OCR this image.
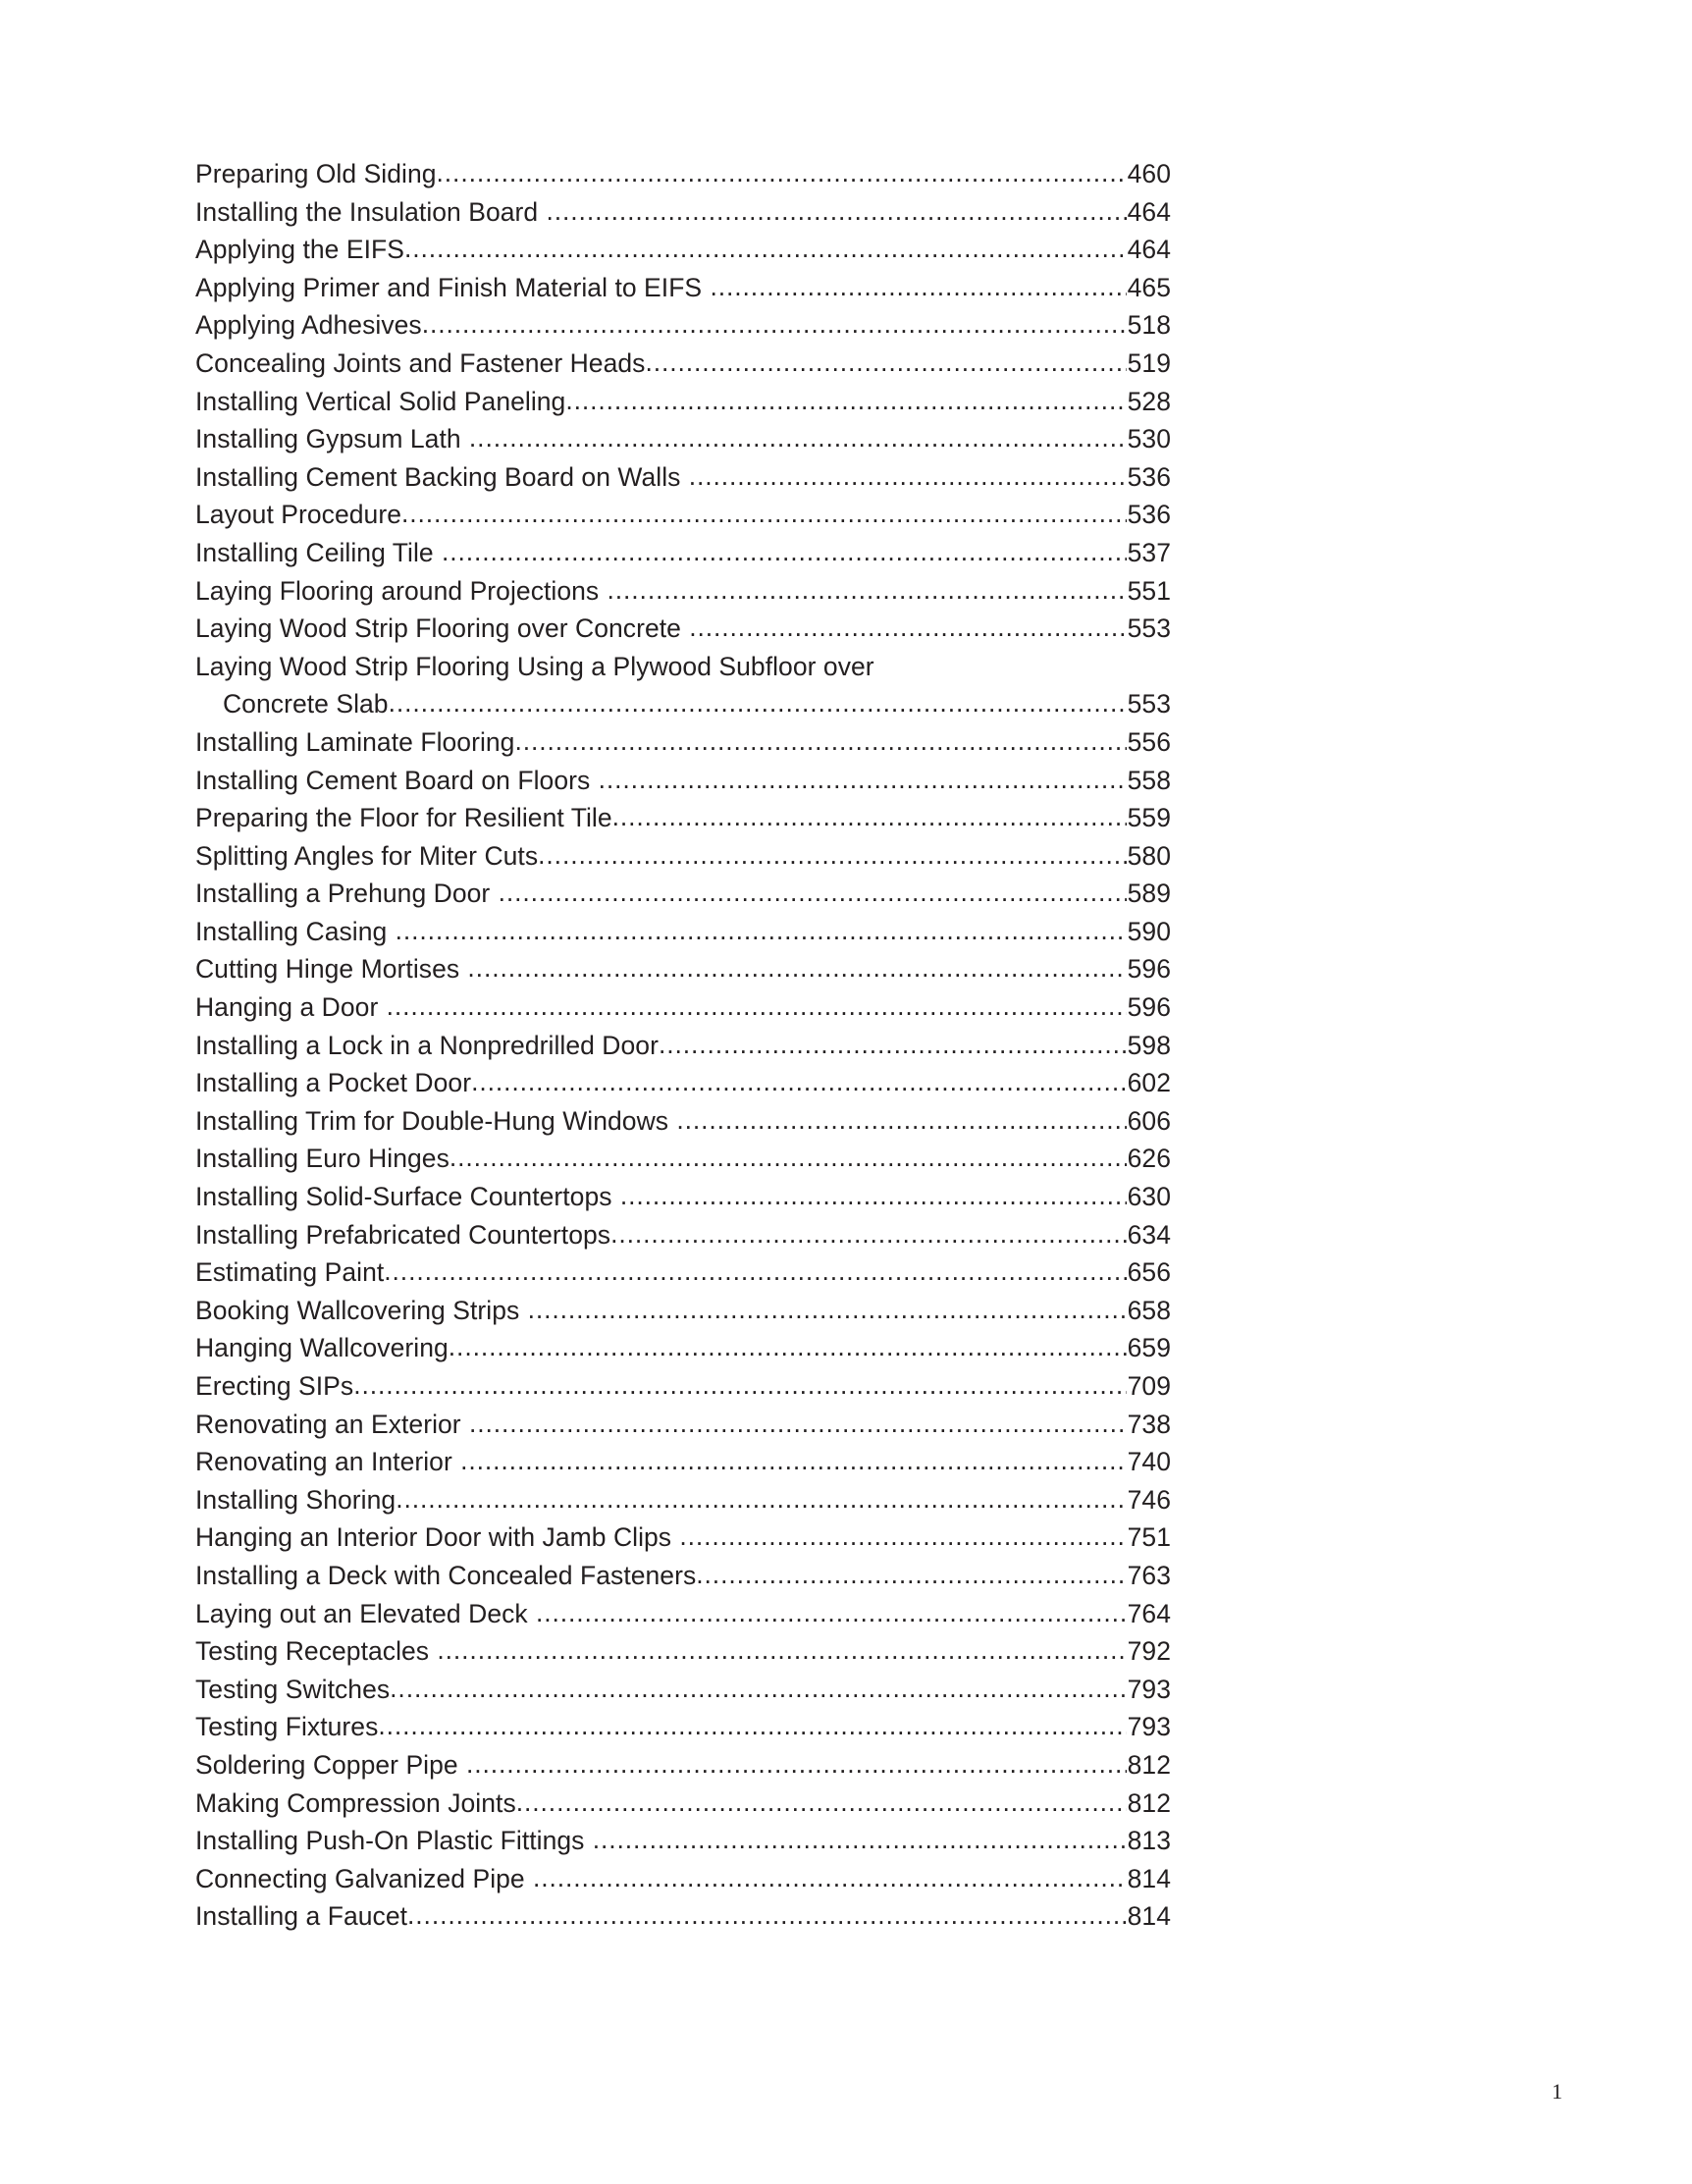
Preparing Old Siding .....	460
Installing the Insulation Board .....	464
Applying the EIFS .....	464
Applying Primer and Finish Material to EIFS .....	465
Applying Adhesives .....	518
Concealing Joints and Fastener Heads .....	519
Installing Vertical Solid Paneling .....	528
Installing Gypsum Lath .....	530
Installing Cement Backing Board on Walls .....	536
Layout Procedure .....	536
Installing Ceiling Tile .....	537
Laying Flooring around Projections .....	551
Laying Wood Strip Flooring over Concrete .....	553
Laying Wood Strip Flooring Using a Plywood Subfloor over
Concrete Slab .....	553
Installing Laminate Flooring .....	556
Installing Cement Board on Floors .....	558
Preparing the Floor for Resilient Tile .....	559
Splitting Angles for Miter Cuts .....	580
Installing a Prehung Door .....	589
Installing Casing .....	590
Cutting Hinge Mortises .....	596
Hanging a Door .....	596
Installing a Lock in a Nonpredrilled Door .....	598
Installing a Pocket Door .....	602
Installing Trim for Double-Hung Windows .....	606
Installing Euro Hinges .....	626
Installing Solid-Surface Countertops .....	630
Installing Prefabricated Countertops .....	634
Estimating Paint .....	656
Booking Wallcovering Strips .....	658
Hanging Wallcovering .....	659
Erecting SIPs .....	709
Renovating an Exterior .....	738
Renovating an Interior .....	740
Installing Shoring .....	746
Hanging an Interior Door with Jamb Clips .....	751
Installing a Deck with Concealed Fasteners .....	763
Laying out an Elevated Deck .....	764
Testing Receptacles .....	792
Testing Switches .....	793
Testing Fixtures .....	793
Soldering Copper Pipe .....	812
Making Compression Joints .....	812
Installing Push-On Plastic Fittings .....	813
Connecting Galvanized Pipe .....	814
Installing a Faucet .....	814
1
